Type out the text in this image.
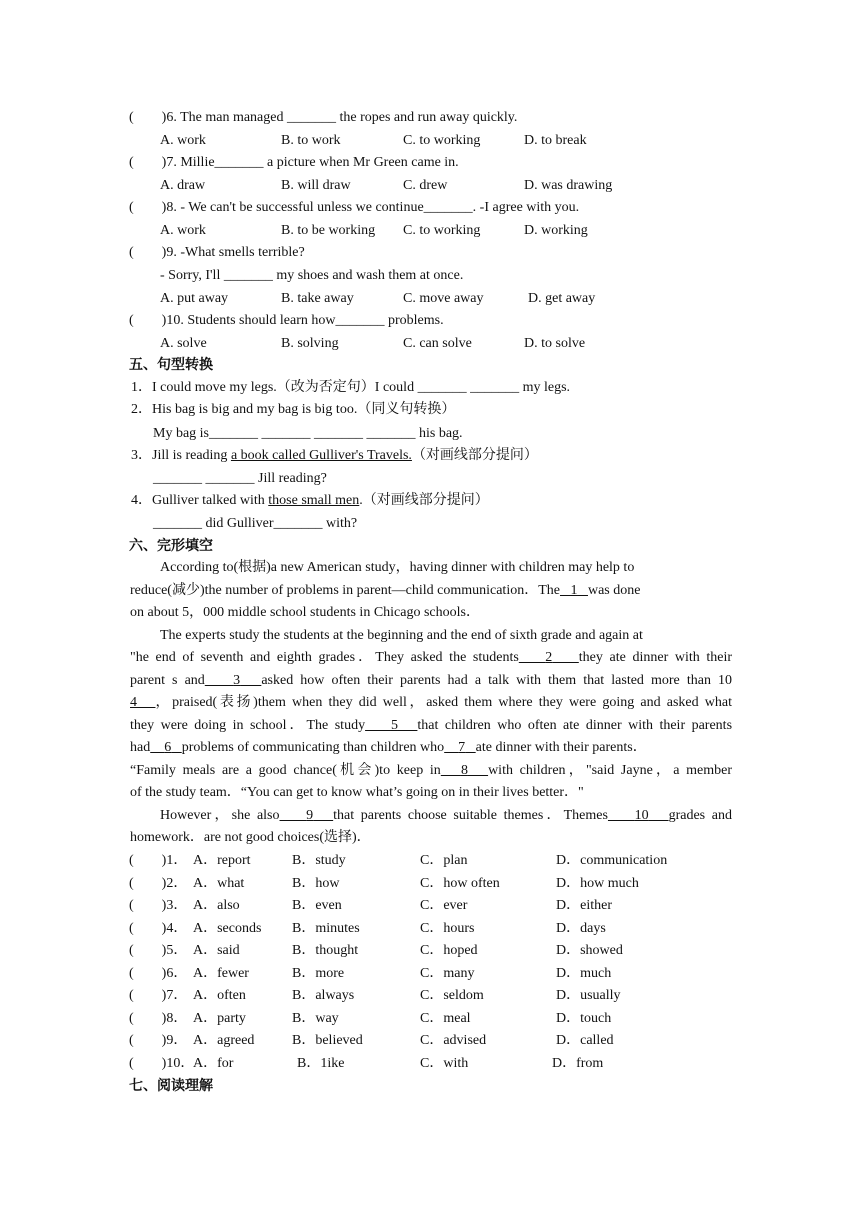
(        )6. The man managed _______ the ropes and run away quickly.
A. work	B. to work	C. to working	D. to break
(        )7. Millie_______ a picture when Mr Green came in.
A. draw	B. will draw	C. drew	D. was drawing
(        )8. - We can't be successful unless we continue_______. -I agree with you.
A. work	B. to be working C. to working	D. working
(        )9. -What smells terrible?
- Sorry, I'll _______ my shoes and wash them at once.
A. put away	B. take away	C. move away	D. get away
(        )10. Students should learn how_______ problems.
A. solve	B. solving	C. can solve	D. to solve
五、句型转换
1．I could move my legs.（改为否定句）I could _______ _______ my legs.
2．His bag is big and my bag is big too.（同义句转换）
My bag is_______ _______ _______ _______ his bag.
3．Jill is reading a book called Gulliver's Travels.（对画线部分提问）
_______ _______ Jill reading?
4．Gulliver talked with those small men.（对画线部分提问）
_______ did Gulliver_______ with?
六、完形填空
According to(根据)a new American study，having dinner with children may help to
reduce(减少)the number of problems in parent—child communication．The 1 was done
on about 5，000 middle school students in Chicago schools．
The experts study the students at the beginning and the end of sixth grade and again at
"he end of seventh and eighth grades．They asked the students 2 they ate dinner with their
parent s and 3 asked how often their parents had a talk with them that lasted more than 10
4 ，praised(表扬)them when they did well，asked them where they were going and asked what
they were doing in school．The study 5 that children who often ate dinner with their parents
had 6 problems of communicating than children who 7 ate dinner with their parents．
“Family meals are a good chance(机会)to keep in 8 with children，"said Jayne，a member
of the study team．“You can get to know what’s going on in their lives better．"
However，she also 9 that parents choose suitable themes．Themes 10 grades and
homework．are not good choices(选择)．
(        )1． A．report	B．study	C．plan	D．communication
(        )2． A．what	B．how	C．how often	D．how much
(        )3． A．also	B．even	C．ever	D．either
(        )4． A．seconds B．minutes	C．hours	D．days
(        )5． A．said	B．thought	C．hoped	D．showed
(        )6． A．fewer	B．more	C．many	D．much
(        )7． A．often	B．always	C．seldom	D．usually
(        )8． A．party	B．way	C．meal	D．touch
(        )9． A．agreed	B．believed	C．advised	D．called
(        )10．
A．for	B．1ike	C．with	D．from
七、阅读理解
